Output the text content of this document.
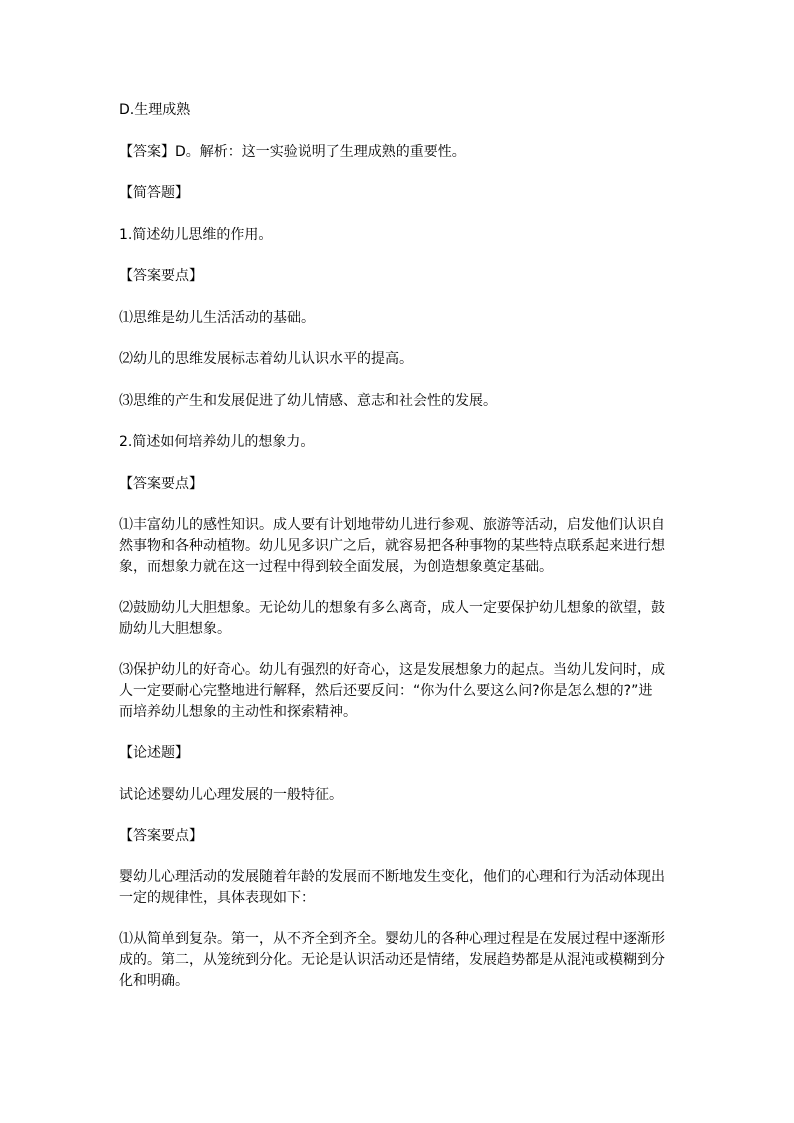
D.生理成熟

【答案】D。解析：这一实验说明了生理成熟的重要性。

【简答题】

1.简述幼儿思维的作用。

【答案要点】

⑴思维是幼儿生活活动的基础。

⑵幼儿的思维发展标志着幼儿认识水平的提高。

⑶思维的产生和发展促进了幼儿情感、意志和社会性的发展。

2.简述如何培养幼儿的想象力。

【答案要点】

⑴丰富幼儿的感性知识。成人要有计划地带幼儿进行参观、旅游等活动，启发他们认识自

然事物和各种动植物。幼儿见多识广之后，就容易把各种事物的某些特点联系起来进行想

象，而想象力就在这一过程中得到较全面发展，为创造想象奠定基础。

⑵鼓励幼儿大胆想象。无论幼儿的想象有多么离奇，成人一定要保护幼儿想象的欲望，鼓

励幼儿大胆想象。

⑶保护幼儿的好奇心。幼儿有强烈的好奇心，这是发展想象力的起点。当幼儿发问时，成

人一定要耐心完整地进行解释，然后还要反问：“你为什么要这么问?你是怎么想的?”进

而培养幼儿想象的主动性和探索精神。

【论述题】

试论述婴幼儿心理发展的一般特征。

【答案要点】

婴幼儿心理活动的发展随着年龄的发展而不断地发生变化，他们的心理和行为活动体现出

一定的规律性，具体表现如下：

⑴从简单到复杂。第一，从不齐全到齐全。婴幼儿的各种心理过程是在发展过程中逐渐形

成的。第二，从笼统到分化。无论是认识活动还是情绪，发展趋势都是从混沌或模糊到分

化和明确。
